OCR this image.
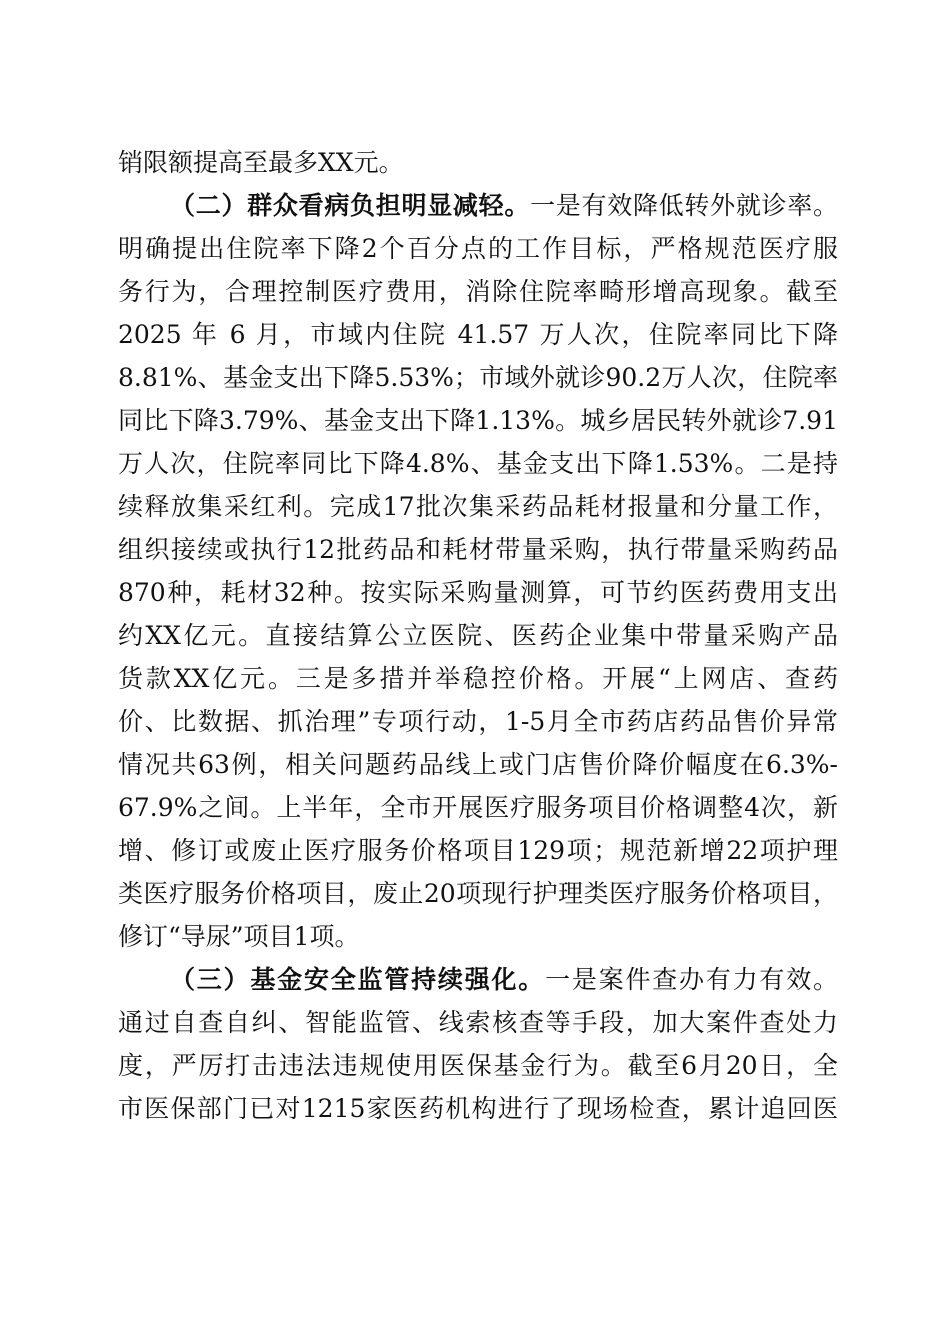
销限额提高至最多XX元。
（二）群众看病负担明显减轻。一是有效降低转外就诊率。
明确提出住院率下降2个百分点的工作目标，严格规范医疗服
务行为，合理控制医疗费用，消除住院率畸形增高现象。截至
2025 年 6 月，市域内住院 41.57 万人次，住院率同比下降
8.81%、基金支出下降5.53%；市域外就诊90.2万人次，住院率
同比下降3.79%、基金支出下降1.13%。城乡居民转外就诊7.91
万人次，住院率同比下降4.8%、基金支出下降1.53%。二是持
续释放集采红利。完成17批次集采药品耗材报量和分量工作，
组织接续或执行12批药品和耗材带量采购，执行带量采购药品
870种，耗材32种。按实际采购量测算，可节约医药费用支出
约XX亿元。直接结算公立医院、医药企业集中带量采购产品
货款XX亿元。三是多措并举稳控价格。开展“上网店、查药
价、比数据、抓治理”专项行动，1-5月全市药店药品售价异常
情况共63例，相关问题药品线上或门店售价降价幅度在6.3%-
67.9%之间。上半年，全市开展医疗服务项目价格调整4次，新
增、修订或废止医疗服务价格项目129项；规范新增22项护理
类医疗服务价格项目，废止20项现行护理类医疗服务价格项目，
修订“导尿”项目1项。
（三）基金安全监管持续强化。一是案件查办有力有效。
通过自查自纠、智能监管、线索核查等手段，加大案件查处力
度，严厉打击违法违规使用医保基金行为。截至6月20日，全
市医保部门已对1215家医药机构进行了现场检查，累计追回医
